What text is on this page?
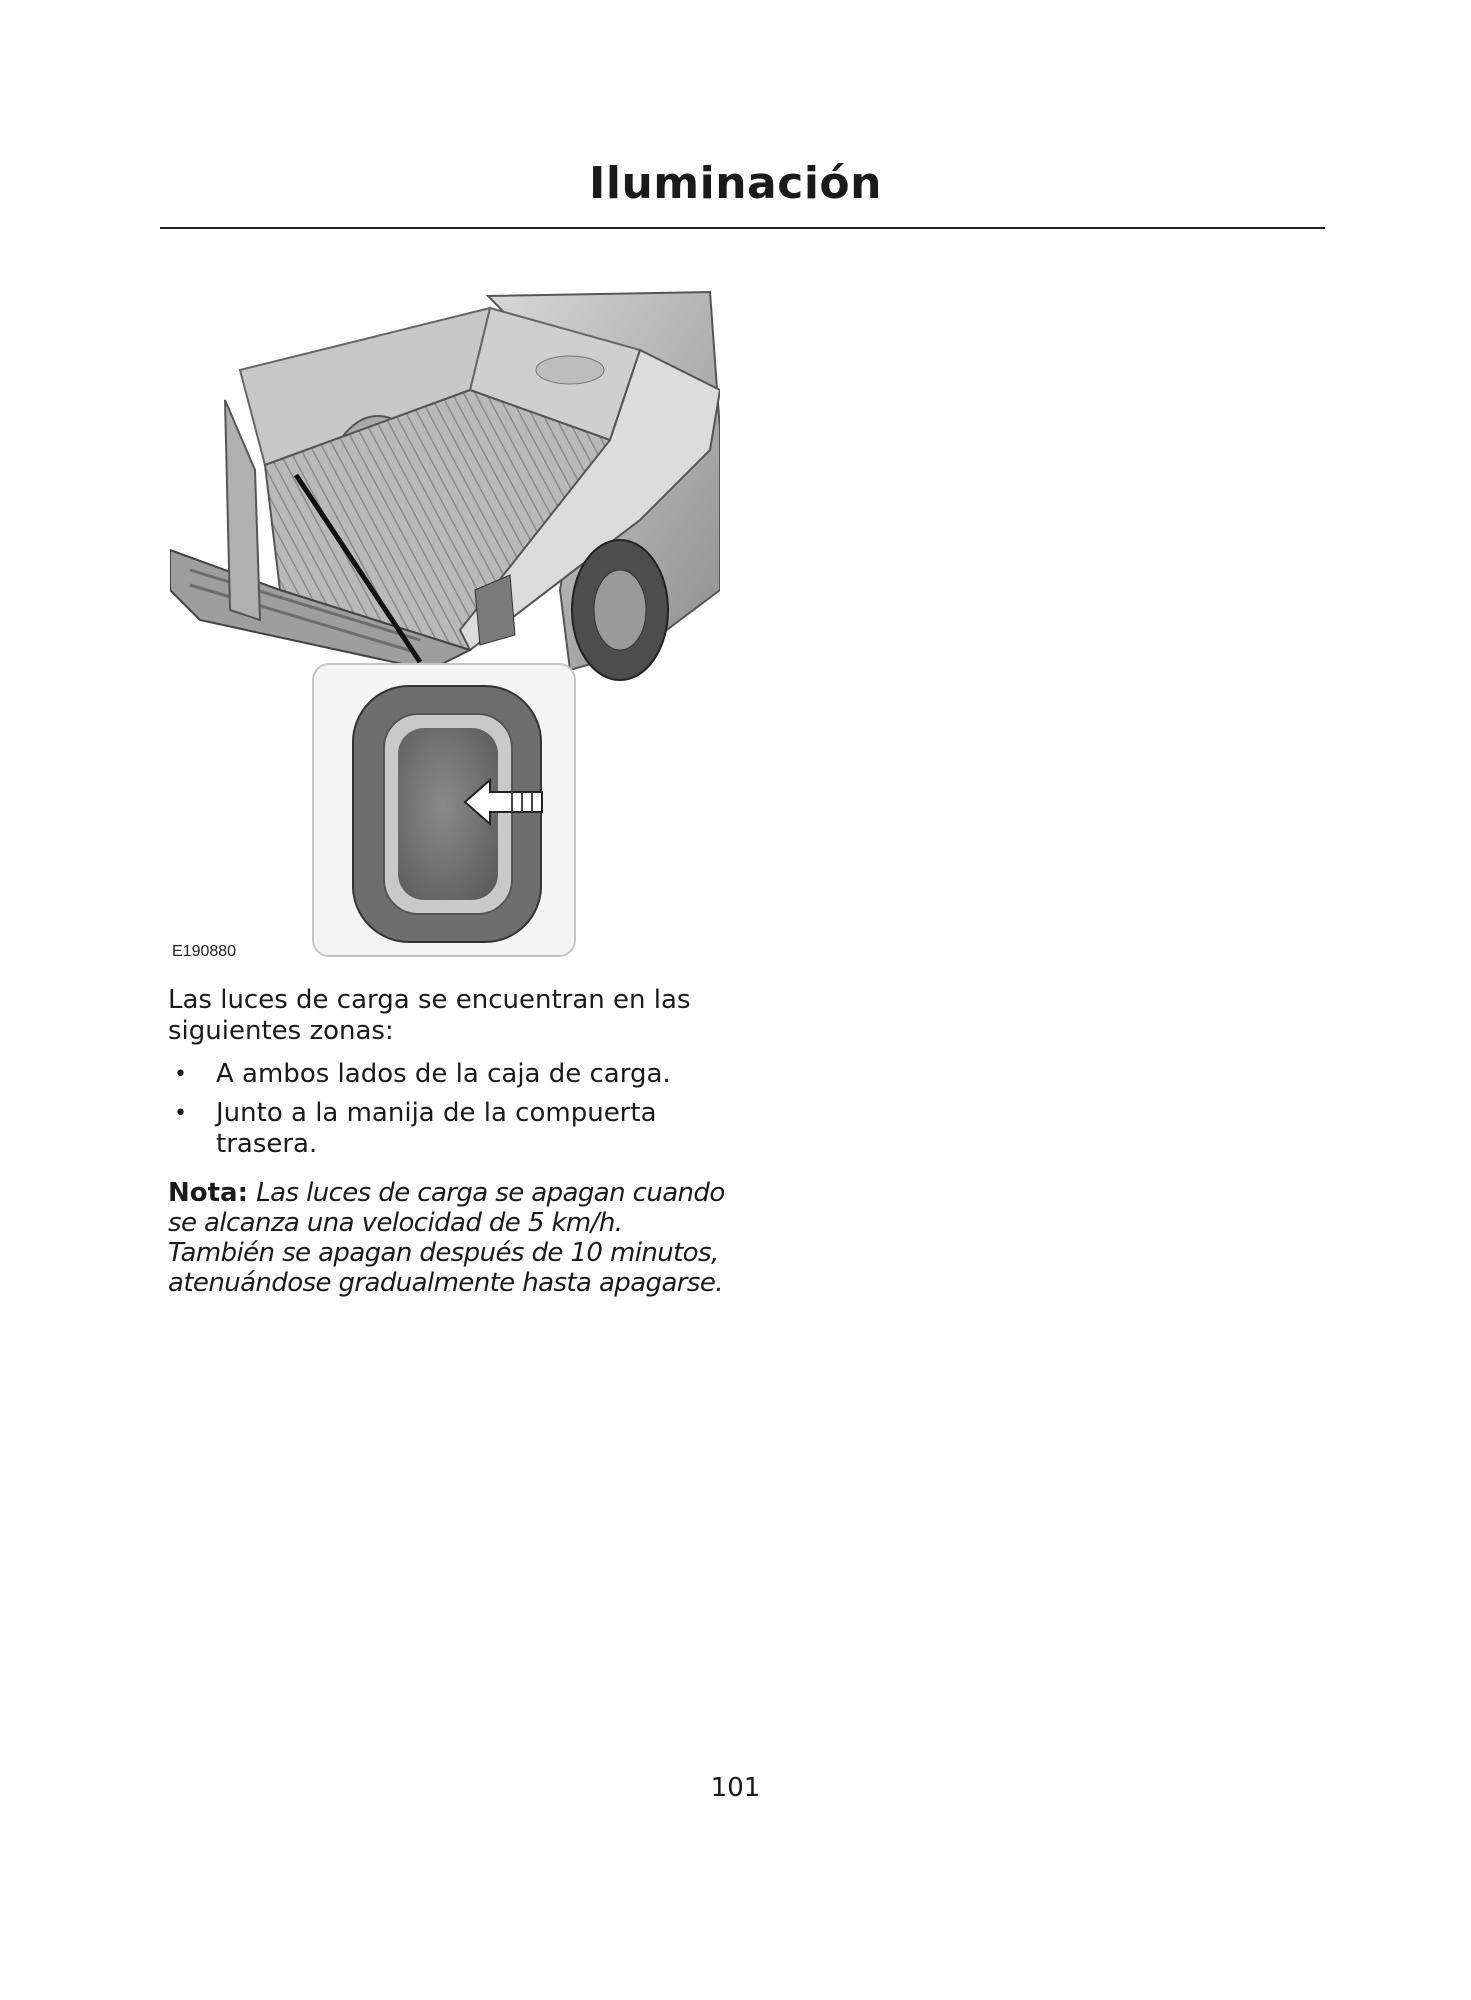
Iluminación
E190880

Las luces de carga se encuentran en las siguientes zonas:

• A ambos lados de la caja de carga.
• Junto a la manija de la compuerta trasera.

Nota: Las luces de carga se apagan cuando se alcanza una velocidad de 5 km/h. También se apagan después de 10 minutos, atenuándose gradualmente hasta apagarse.

101
